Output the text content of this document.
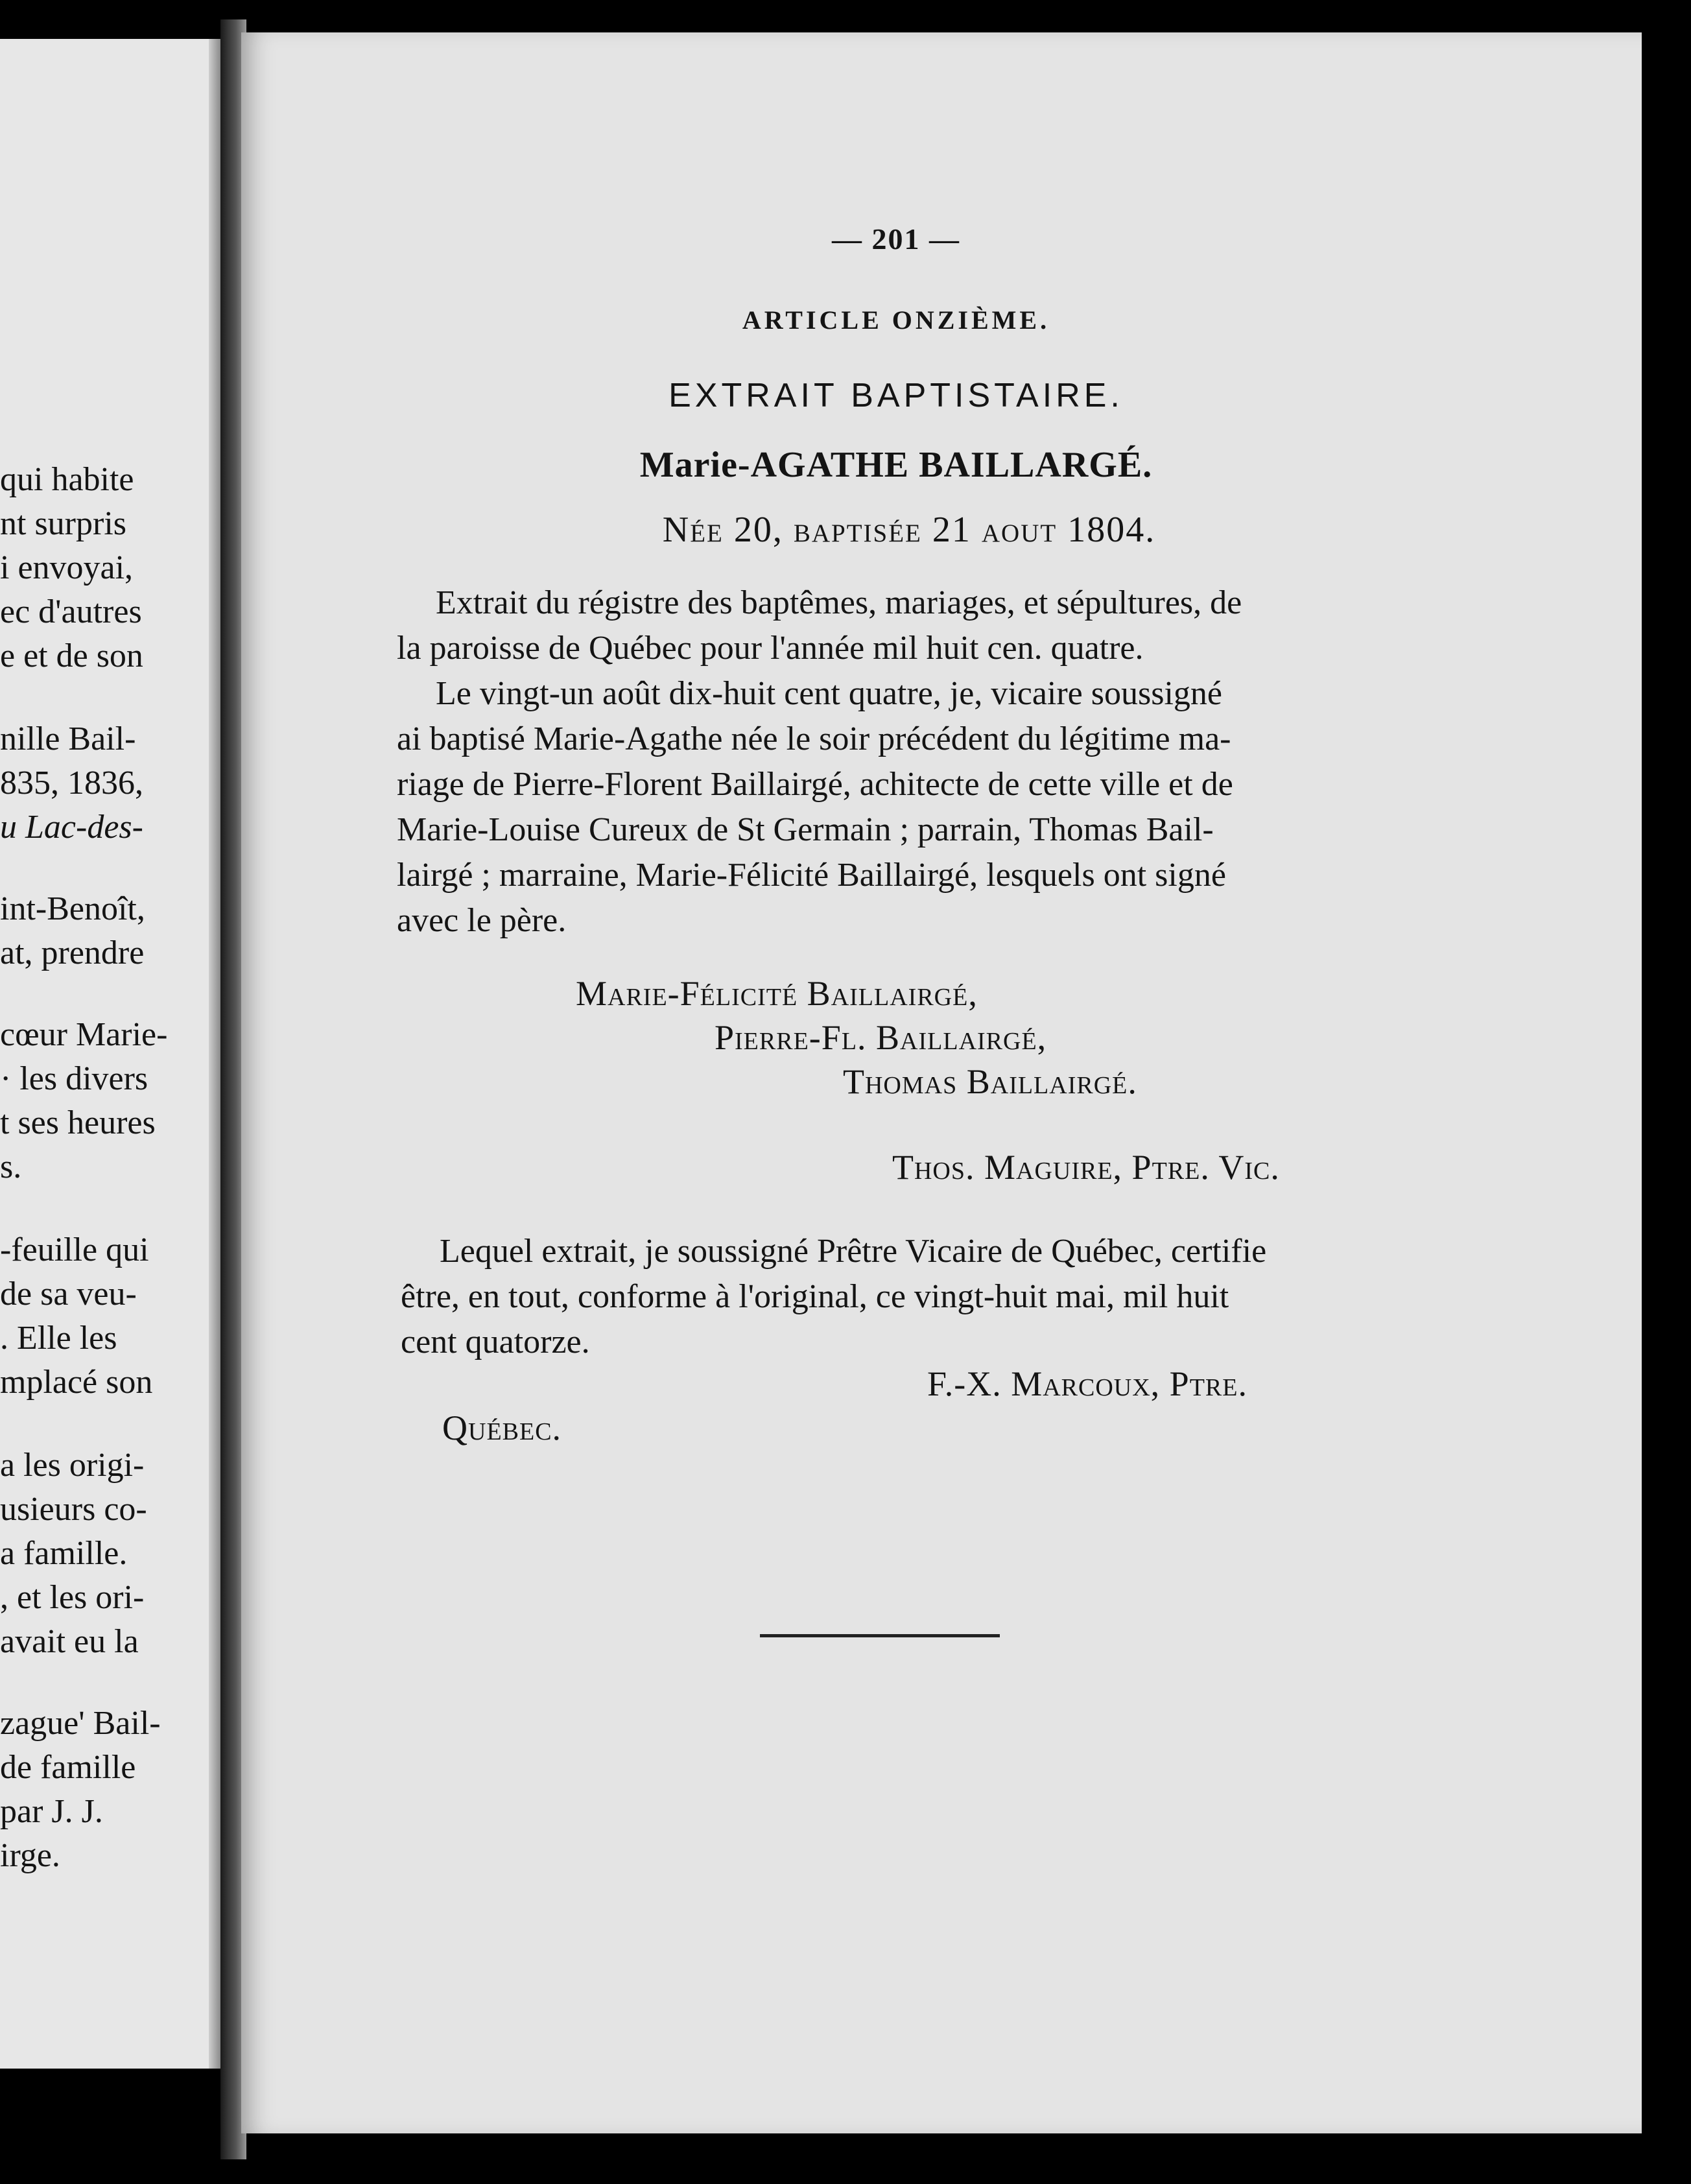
qui habite
nt surpris
i envoyai,
ec d'autres
e et de son
nille Bail-
835, 1836,
u Lac-des-
int-Benoît,
at, prendre
cœur Marie-
· les divers
t ses heures
s.
-feuille qui
de sa veu-
. Elle les
mplacé son
a les origi-
usieurs co-
a famille.
, et les ori-
avait eu la
zague' Bail-
de famille
par J. J.
irge.
— 201 —
ARTICLE ONZIÈME.
EXTRAIT BAPTISTAIRE.
Marie-AGATHE BAILLARGÉ.
Née 20, baptisée 21 aout 1804.
Extrait du régistre des baptêmes, mariages, et sépultures, de
la paroisse de Québec pour l'année mil huit cen. quatre.
Le vingt-un août dix-huit cent quatre, je, vicaire soussigné
ai baptisé Marie-Agathe née le soir précédent du légitime ma-
riage de Pierre-Florent Baillairgé, achitecte de cette ville et de
Marie-Louise Cureux de St Germain ; parrain, Thomas Bail-
lairgé ; marraine, Marie-Félicité Baillairgé, lesquels ont signé
avec le père.
Marie-Félicité Baillairgé,
Pierre-Fl. Baillairgé,
Thomas Baillairgé.
Thos. Maguire, Ptre. Vic.
Lequel extrait, je soussigné Prêtre Vicaire de Québec, certifie
être, en tout, conforme à l'original, ce vingt-huit mai, mil huit
cent quatorze.
F.-X. Marcoux, Ptre.
Québec.
